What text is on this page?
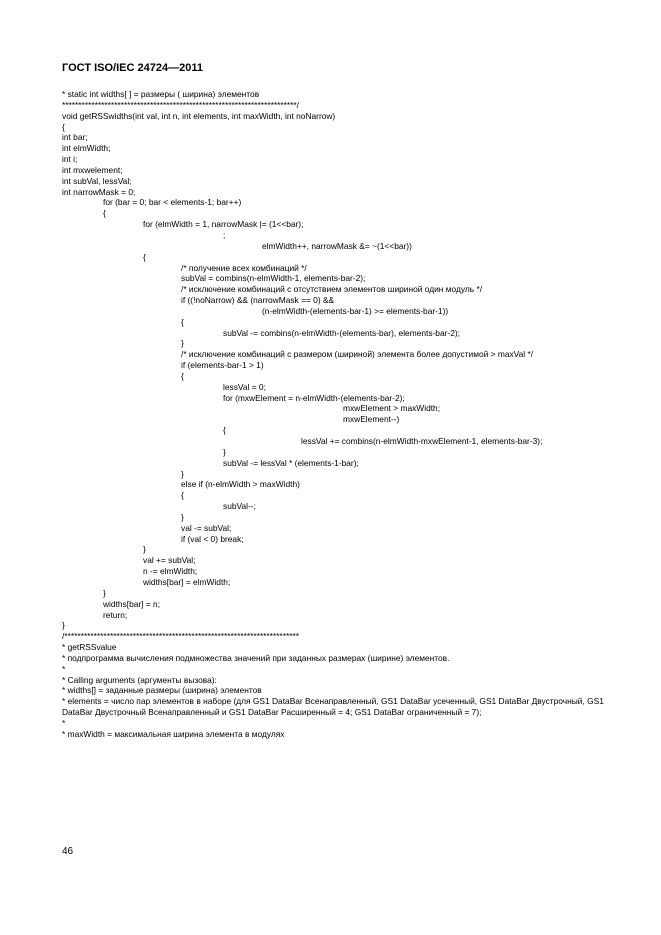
ГОСТ ISO/IEC 24724—2011
* static int widths[ ] = размеры ( ширина) элементов
************************************************************************/
void getRSSwidths(int val, int n, int elements, int maxWidth, int noNarrow)
{
int bar;
int elmWidth;
int i;
int mxwelement;
int subVal, lessVal;
int narrowMask = 0;
for (bar = 0; bar < elements-1; bar++)
{
for (elmWidth = 1, narrowMask |= (1<<bar);
;
elmWidth++, narrowMask &= ~(1<<bar))
{
/* получение всех комбинаций */
subVal = combins(n-elmWidth-1, elements-bar-2);
/* исключение комбинаций с отсутствием элементов шириной один модуль */
if ((!noNarrow) && (narrowMask == 0) &&
(n-elmWidth-(elements-bar-1) >= elements-bar-1))
{
subVal -= combins(n-elmWidth-(elements-bar), elements-bar-2);
}
/* исключение комбинаций с размером (шириной) элемента более допустимой > maxVal */
if (elements-bar-1 > 1)
{
lessVal = 0;
for (mxwElement = n-elmWidth-(elements-bar-2);
mxwElement > maxWidth;
mxwElement--)
{
lessVal += combins(n-elmWidth-mxwElement-1, elements-bar-3);
}
subVal -= lessVal * (elements-1-bar);
}
else if (n-elmWidth > maxWidth)
{
subVal--;
}
val -= subVal;
if (val < 0) break;
}
val += subVal;
n -= elmWidth;
widths[bar] = elmWidth;
}
widths[bar] = n;
return;
}
/************************************************************************
* getRSSvalue
* подпрограмма вычисления подмножества значений при заданных размерах (ширине) элементов.
*
* Calling arguments (аргументы вызова):
* widths[] = заданные размеры (ширина) элементов
* elements = число пар элементов в наборе (для GS1 DataBar Всенаправленный, GS1 DataBar усеченный, GS1 DataBar Двустрочный, GS1 DataBar Двустрочный Всенаправленный и GS1 DataBar Расширенный = 4; GS1 DataBar ограниченный = 7);
*
* maxWidth = максимальная ширина элемента в модулях
46
